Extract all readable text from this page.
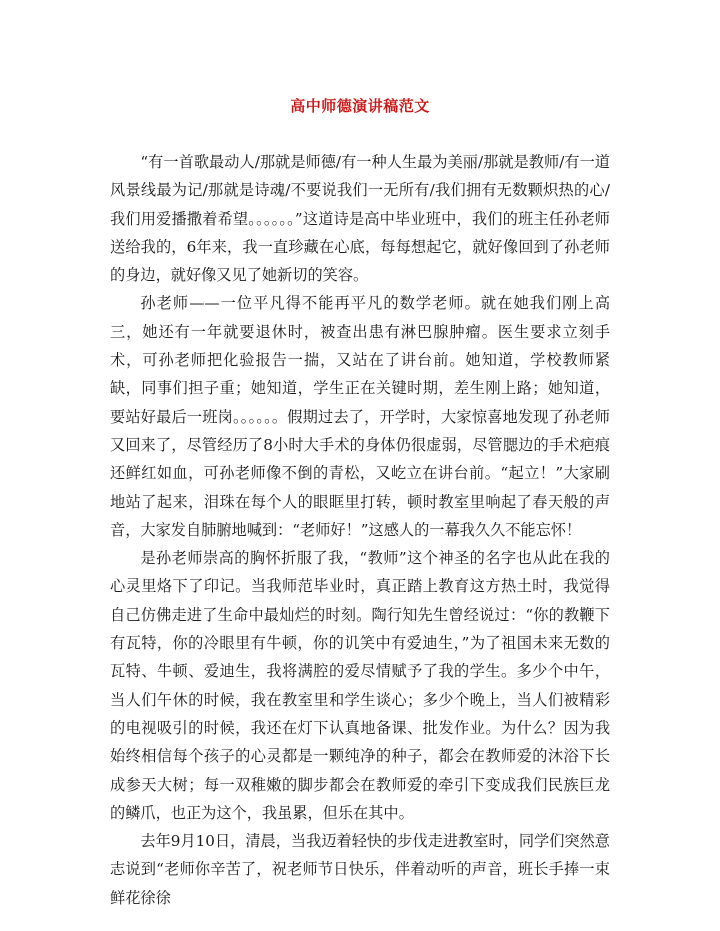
高中师德演讲稿范文

“有一首歌最动人/那就是师德/有一种人生最为美丽/那就是教师/有一道风景线最为记/那就是诗魂/不要说我们一无所有/我们拥有无数颗炽热的心/我们用爱播撒着希望。。。。。。”这道诗是高中毕业班中，我们的班主任孙老师送给我的，6年来，我一直珍藏在心底，每每想起它，就好像回到了孙老师的身边，就好像又见了她新切的笑容。

孙老师——一位平凡得不能再平凡的数学老师。就在她我们刚上高三，她还有一年就要退休时，被查出患有淋巴腺肿瘤。医生要求立刻手术，可孙老师把化验报告一揣，又站在了讲台前。她知道，学校教师紧缺，同事们担子重；她知道，学生正在关键时期，差生刚上路；她知道，要站好最后一班岗。。。。。。假期过去了，开学时，大家惊喜地发现了孙老师又回来了，尽管经历了8小时大手术的身体仍很虚弱，尽管腮边的手术疤痕还鲜红如血，可孙老师像不倒的青松，又屹立在讲台前。“起立！”大家刷地站了起来，泪珠在每个人的眼眶里打转，顿时教室里响起了春天般的声音，大家发自肺腑地喊到：“老师好！”这感人的一幕我久久不能忘怀！

是孙老师崇高的胸怀折服了我，“教师”这个神圣的名字也从此在我的心灵里烙下了印记。当我师范毕业时，真正踏上教育这方热土时，我觉得自己仿佛走进了生命中最灿烂的时刻。陶行知先生曾经说过：“你的教鞭下有瓦特，你的冷眼里有牛顿，你的讥笑中有爱迪生，”为了祖国未来无数的瓦特、牛顿、爱迪生，我将满腔的爱尽情赋予了我的学生。多少个中午，当人们午休的时候，我在教室里和学生谈心；多少个晚上，当人们被精彩的电视吸引的时候，我还在灯下认真地备课、批发作业。为什么？因为我始终相信每个孩子的心灵都是一颗纯净的种子，都会在教师爱的沐浴下长成参天大树；每一双稚嫩的脚步都会在教师爱的牵引下变成我们民族巨龙的鳞爪，也正为这个，我虽累，但乐在其中。

去年9月10日，清晨，当我迈着轻快的步伐走进教室时，同学们突然意志说到“老师你辛苦了，祝老师节日快乐，伴着动听的声音，班长手捧一束鲜花徐徐
